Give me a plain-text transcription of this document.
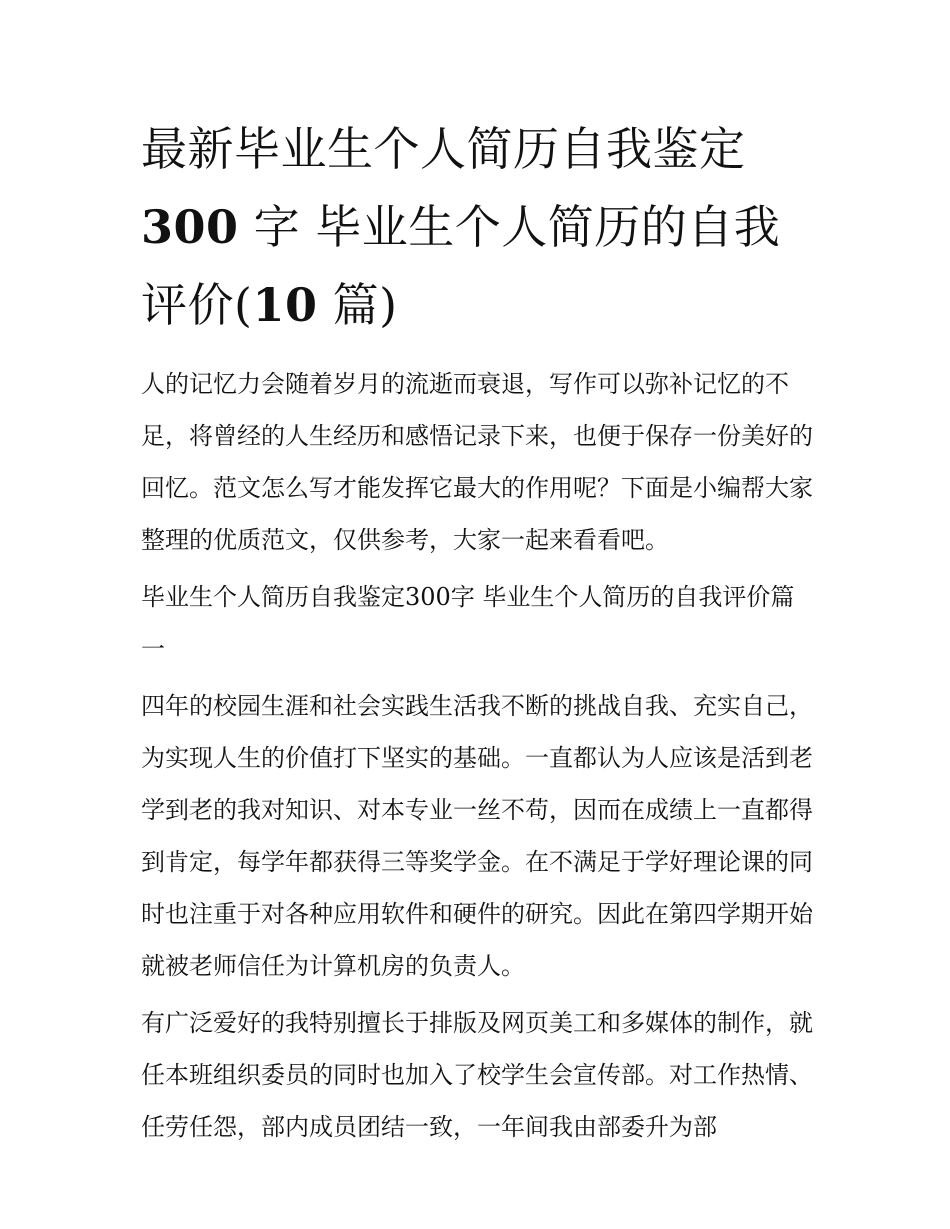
最新毕业生个人简历自我鉴定
300 字 毕业生个人简历的自我评价(10 篇)

人的记忆力会随着岁月的流逝而衰退，写作可以弥补记忆的不足，将曾经的人生经历和感悟记录下来，也便于保存一份美好的回忆。范文怎么写才能发挥它最大的作用呢？下面是小编帮大家整理的优质范文，仅供参考，大家一起来看看吧。

毕业生个人简历自我鉴定300字 毕业生个人简历的自我评价篇一

四年的校园生涯和社会实践生活我不断的挑战自我、充实自己，为实现人生的价值打下坚实的基础。一直都认为人应该是活到老学到老的我对知识、对本专业一丝不苟，因而在成绩上一直都得到肯定，每学年都获得三等奖学金。在不满足于学好理论课的同时也注重于对各种应用软件和硬件的研究。因此在第四学期开始就被老师信任为计算机房的负责人。

有广泛爱好的我特别擅长于排版及网页美工和多媒体的制作，就任本班组织委员的同时也加入了校学生会宣传部。对工作热情、任劳任怨，部内成员团结一致，一年间我由部委升为部
